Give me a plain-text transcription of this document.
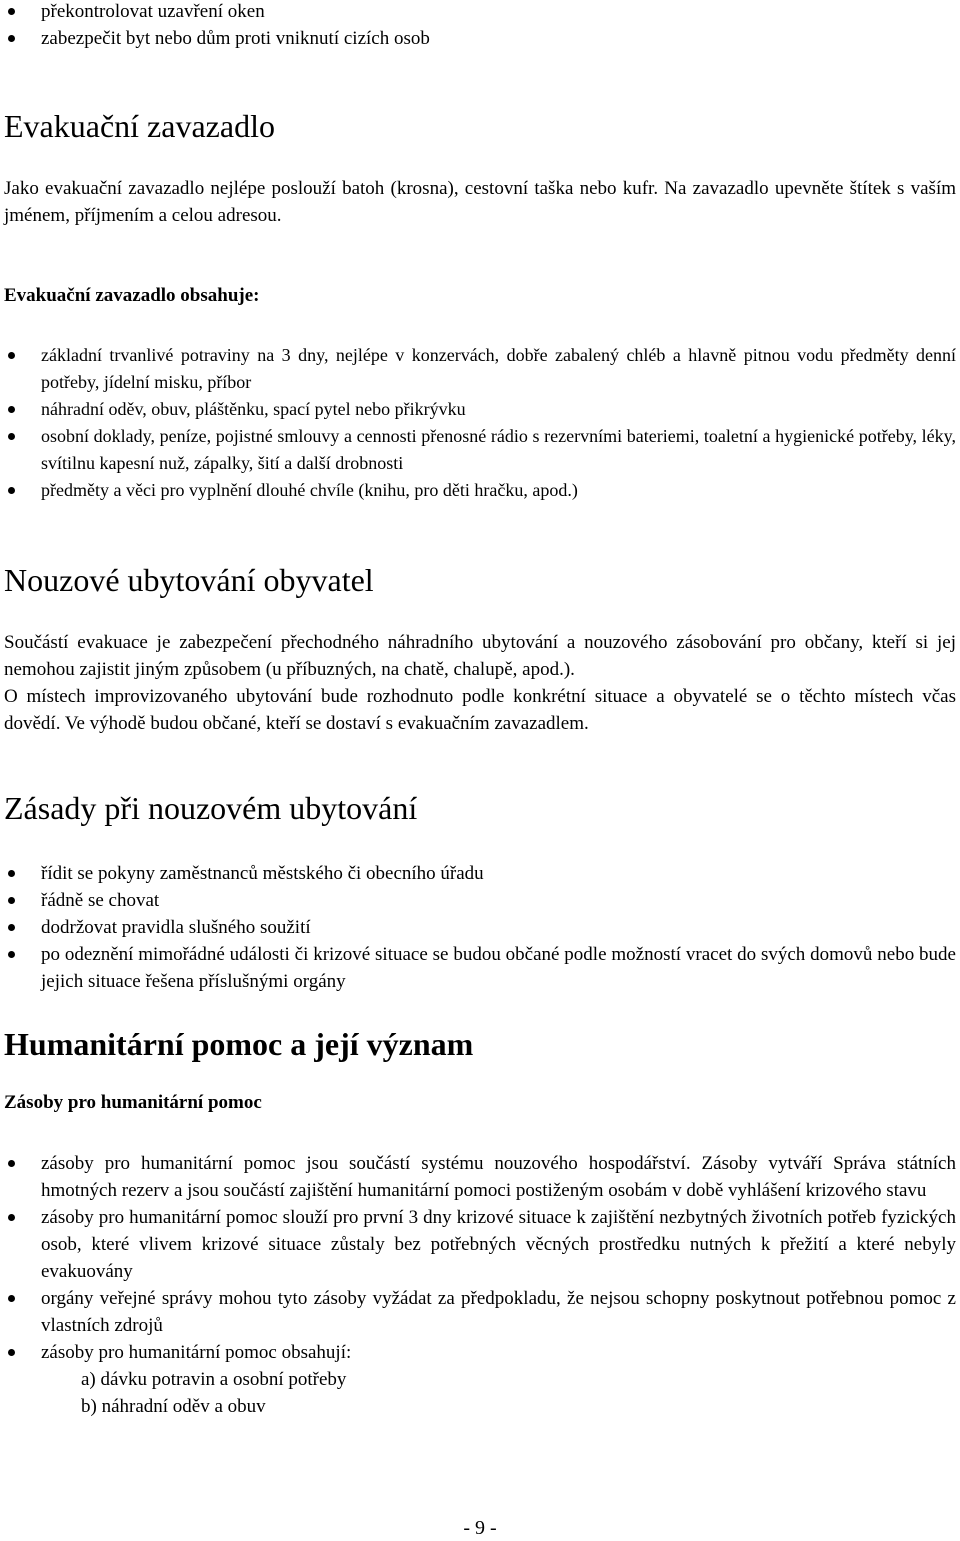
překontrolovat uzavření oken
zabezpečit byt nebo dům proti vniknutí cizích osob
Evakuační zavazadlo

Jako evakuační zavazadlo nejlépe poslouží batoh (krosna), cestovní taška nebo kufr. Na zavazadlo upevněte štítek s vaším jménem, příjmením a celou adresou.

Evakuační zavazadlo obsahuje:

základní trvanlivé potraviny na 3 dny, nejlépe v konzervách, dobře zabalený chléb a hlavně pitnou vodu předměty denní potřeby, jídelní misku, příbor
náhradní oděv, obuv, pláštěnku, spací pytel nebo přikrývku
osobní doklady, peníze, pojistné smlouvy a cennosti přenosné rádio s rezervními bateriemi, toaletní a hygienické potřeby, léky, svítilnu kapesní nuž, zápalky, šití a další drobnosti
předměty a věci pro vyplnění dlouhé chvíle (knihu, pro děti hračku, apod.)
Nouzové ubytování obyvatel

Součástí evakuace je zabezpečení přechodného náhradního ubytování a nouzového zásobování pro občany, kteří si jej nemohou zajistit jiným způsobem (u příbuzných, na chatě, chalupě, apod.).

O místech improvizovaného ubytování bude rozhodnuto podle konkrétní situace a obyvatelé se o těchto místech včas dovědí. Ve výhodě budou občané, kteří se dostaví s evakuačním zavazadlem.

Zásady při nouzovém ubytování
řídit se pokyny zaměstnanců městského či obecního úřadu
řádně se chovat
dodržovat pravidla slušného soužití
po odeznění mimořádné události či krizové situace se budou občané podle možností vracet do svých domovů nebo bude jejich situace řešena příslušnými orgány
Humanitární pomoc a její význam

Zásoby pro humanitární pomoc

zásoby pro humanitární pomoc jsou součástí systému nouzového hospodářství. Zásoby vytváří Správa státních hmotných rezerv a jsou součástí zajištění humanitární pomoci postiženým osobám v době vyhlášení krizového stavu
zásoby pro humanitární pomoc slouží pro první 3 dny krizové situace k zajištění nezbytných životních potřeb fyzických osob, které vlivem krizové situace zůstaly bez potřebných věcných prostředku nutných k přežití a které nebyly evakuovány
orgány veřejné správy mohou tyto zásoby vyžádat za předpokladu, že nejsou schopny poskytnout potřebnou pomoc z vlastních zdrojů
zásoby pro humanitární pomoc obsahují:
a) dávku potravin a osobní potřeby
b) náhradní oděv a obuv
- 9 -
